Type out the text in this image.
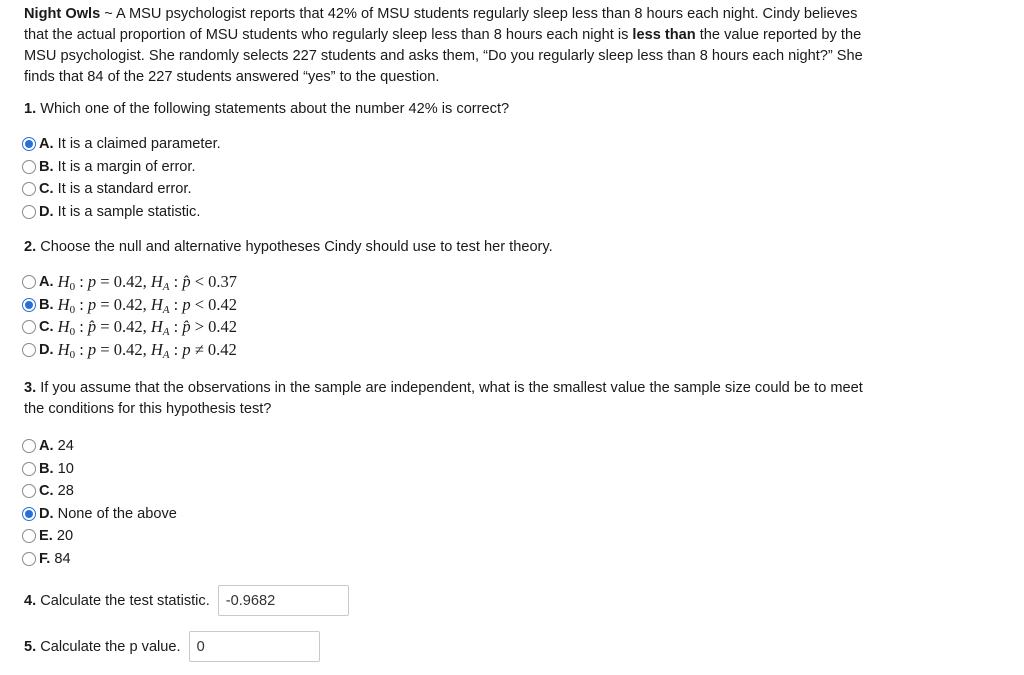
Night Owls ~ A MSU psychologist reports that 42% of MSU students regularly sleep less than 8 hours each night. Cindy believes that the actual proportion of MSU students who regularly sleep less than 8 hours each night is less than the value reported by the MSU psychologist. She randomly selects 227 students and asks them, “Do you regularly sleep less than 8 hours each night?” She finds that 84 of the 227 students answered “yes” to the question.

1. Which one of the following statements about the number 42% is correct?

A.
It is a claimed parameter.
B.
It is a margin of error.
C.
It is a standard error.
D.
It is a sample statistic.

2. Choose the null and alternative hypotheses Cindy should use to test her theory.

A.
$H_0$ : p = 0.42, $H_A$ : p̂ < 0.37
B.
$H_0$ : p = 0.42, $H_A$ : p < 0.42
C.
$H_0$ : p̂ = 0.42, $H_A$ : p̂ > 0.42
D.
$H_0$ : p = 0.42, $H_A$ : p ≠ 0.42

3. If you assume that the observations in the sample are independent, what is the smallest value the sample size could be to meet the conditions for this hypothesis test?

A.
24
B.
10
C.
28
D.
None of the above
E.
20
F.
84
4. Calculate the test statistic. -0.9682
5. Calculate the p value. 0
